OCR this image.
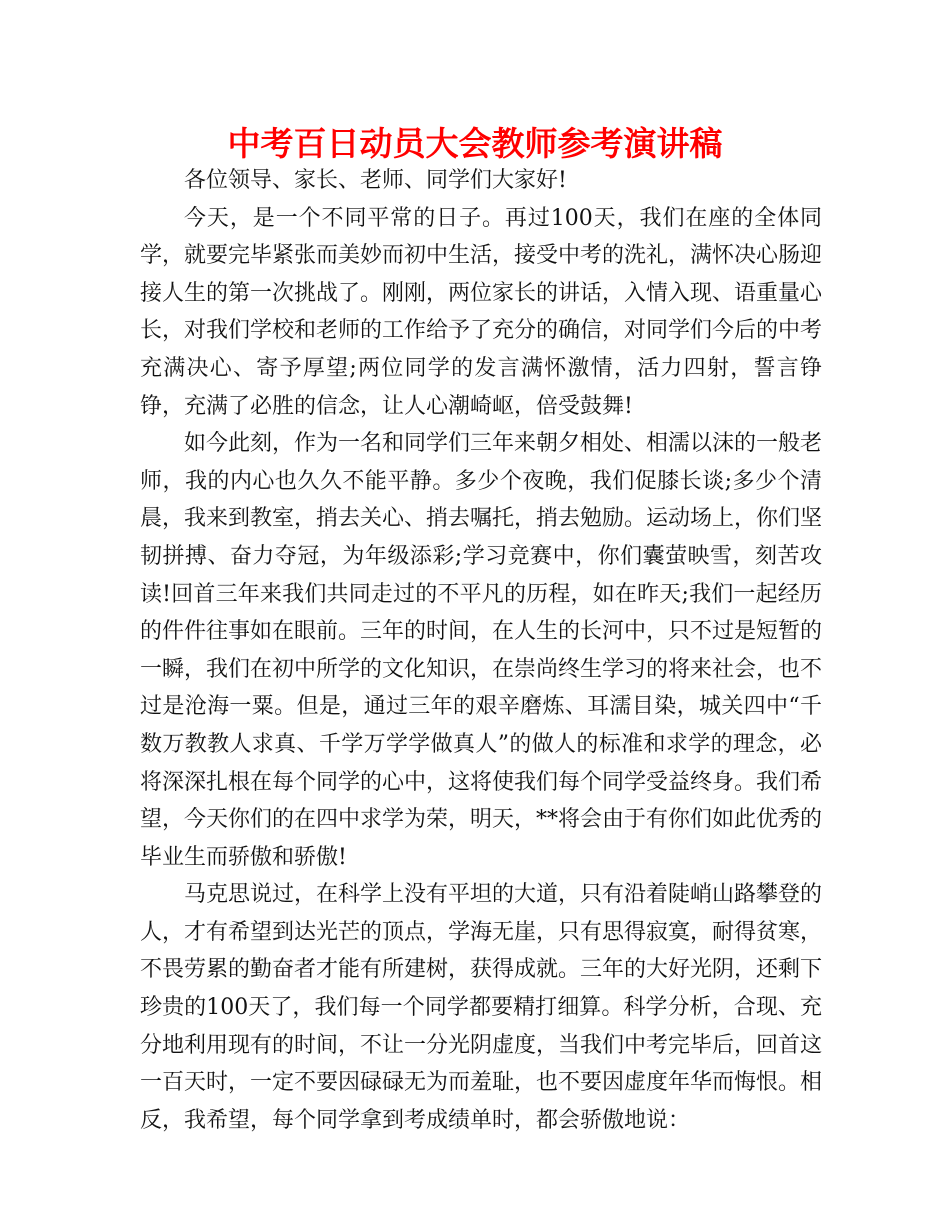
中考百日动员大会教师参考演讲稿

各位领导、家长、老师、同学们大家好!

今天，是一个不同平常的日子。再过100天，我们在座的全体同学，就要完毕紧张而美妙而初中生活，接受中考的洗礼，满怀决心肠迎接人生的第一次挑战了。刚刚，两位家长的讲话，入情入现、语重量心长，对我们学校和老师的工作给予了充分的确信，对同学们今后的中考充满决心、寄予厚望;两位同学的发言满怀激情，活力四射，誓言铮铮，充满了必胜的信念，让人心潮崎岖，倍受鼓舞!

如今此刻，作为一名和同学们三年来朝夕相处、相濡以沫的一般老师，我的内心也久久不能平静。多少个夜晚，我们促膝长谈;多少个清晨，我来到教室，捎去关心、捎去嘱托，捎去勉励。运动场上，你们坚韧拼搏、奋力夺冠，为年级添彩;学习竞赛中，你们囊萤映雪，刻苦攻读!回首三年来我们共同走过的不平凡的历程，如在昨天;我们一起经历的件件往事如在眼前。三年的时间，在人生的长河中，只不过是短暂的一瞬，我们在初中所学的文化知识，在崇尚终生学习的将来社会，也不过是沧海一粟。但是，通过三年的艰辛磨炼、耳濡目染，城关四中“千数万教教人求真、千学万学学做真人”的做人的标准和求学的理念，必将深深扎根在每个同学的心中，这将使我们每个同学受益终身。我们希望，今天你们的在四中求学为荣，明天，**将会由于有你们如此优秀的毕业生而骄傲和骄傲!

马克思说过，在科学上没有平坦的大道，只有沿着陡峭山路攀登的人，才有希望到达光芒的顶点，学海无崖，只有思得寂寞，耐得贫寒，不畏劳累的勤奋者才能有所建树，获得成就。三年的大好光阴，还剩下珍贵的100天了，我们每一个同学都要精打细算。科学分析，合现、充分地利用现有的时间，不让一分光阴虚度，当我们中考完毕后，回首这一百天时，一定不要因碌碌无为而羞耻，也不要因虚度年华而悔恨。相反，我希望，每个同学拿到考成绩单时，都会骄傲地说：
